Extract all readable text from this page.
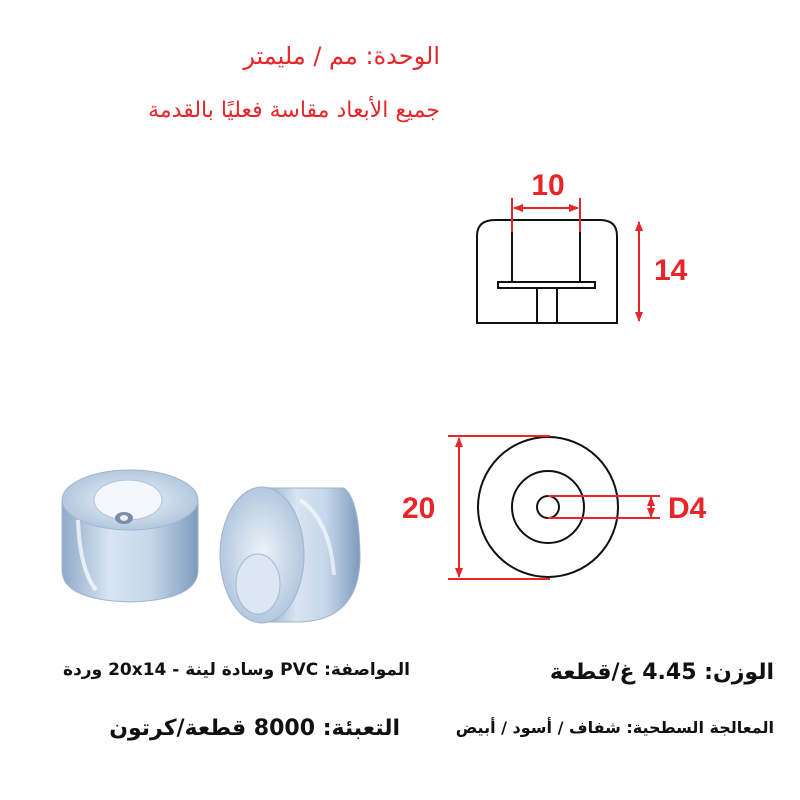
الوحدة: مم / مليمتر
جميع الأبعاد مقاسة فعليًا بالقدمة
10
14
20	D4
المواصفة: PVC وسادة لينة - 20x14 وردة	الوزن: 4.45 غ/قطعة
التعبئة: 8000 قطعة/كرتون	المعالجة السطحية: شفاف / أسود / أبيض
